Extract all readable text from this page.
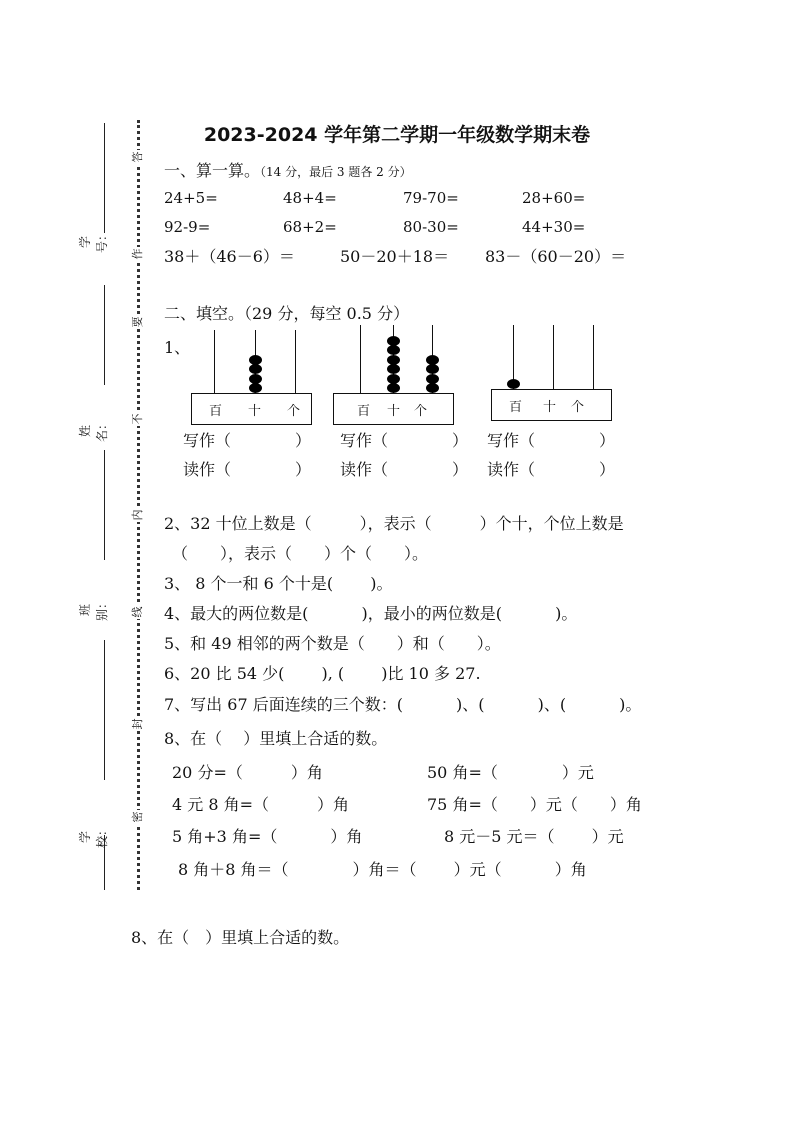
学号：
姓名：
班别：
学校：
答
作
要
不
内
线
封
密
2023-2024 学年第二学期一年级数学期末卷
一、算一算。（14 分，最后 3 题各 2 分）
24+5=	48+4=	79-70=	28+60=
92-9=	68+2=	80-30=	44+30=
38＋（46－6）＝	50－20＋18＝ 83－（60－20）＝
二、填空。（29 分，每空 0.5 分）
1、
百 十 个	百 十 个	百 十 个
写作（　　　　） 写作（　　　　） 写作（　　　　）
读作（　　　　） 读作（　　　　） 读作（　　　　）
2、32 十位上数是（　　　），表示（　　　）个十，个位上数是
（　　），表示（　　）个（　　）。
3、 8 个一和 6 个十是(　　 )。
4、最大的两位数是(　　　 )，最小的两位数是(　　　 )。
5、和 49 相邻的两个数是（　　）和（　　）。
6、20 比 54 少(　　 ), (　　 )比 10 多 27.
7、写出 67 后面连续的三个数：(　　　 )、(　　　 )、(　　　 )。
8、在（　 ）里填上合适的数。
20 分=（　　　）角	50 角=（　　　　）元
4 元 8 角=（　　　）角	75 角=（　　）元（　　）角
5 角+3 角=（　　　 ）角	8 元－5 元＝（　　 ）元
8 角＋8 角＝（　　　　）角＝（　　 ）元（　　　 ）角
8、在（　）里填上合适的数。
